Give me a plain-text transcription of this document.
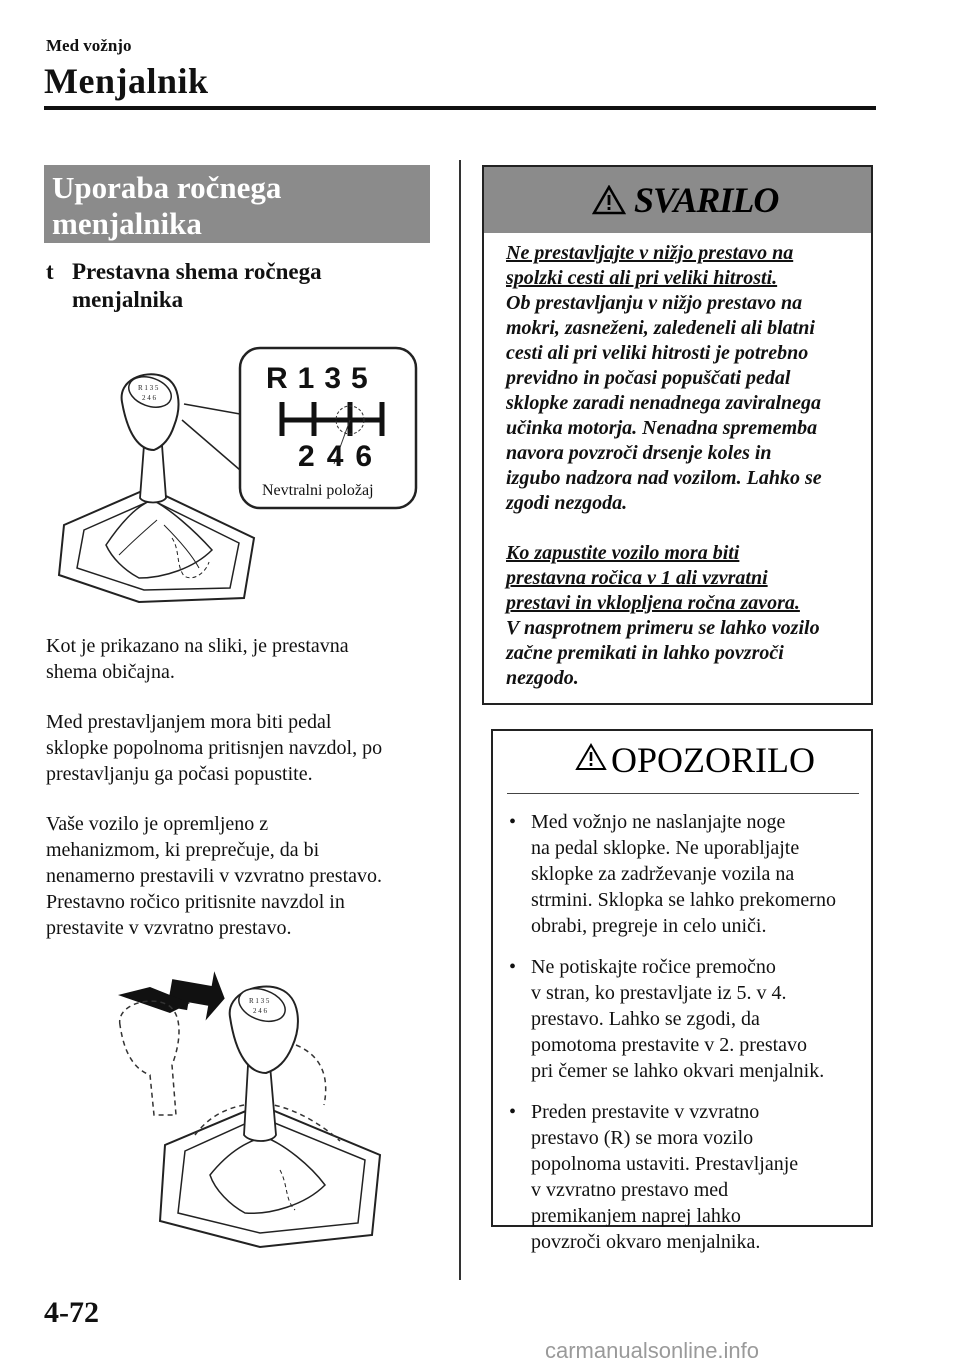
Med vožnjo
Menjalnik
Uporaba ročnega
menjalnika
t Prestavna shema ročnega
menjalnika
R 1 3 5
2 4 6
R135
246
Nevtralni položaj

Kot je prikazano na sliki, je prestavna

shema običajna.

Med prestavljanjem mora biti pedal

sklopke popolnoma pritisnjen navzdol, po

prestavljanju ga počasi popustite.

Vaše vozilo je opremljeno z

mehanizmom, ki preprečuje, da bi

nenamerno prestavili v vzvratno prestavo.

Prestavno ročico pritisnite navzdol in

prestavite v vzvratno prestavo.

R 1 3 5
2 4 6
SVARILO

Ne prestavljajte v nižjo prestavo na

spolzki cesti ali pri veliki hitrosti.

Ob prestavljanju v nižjo prestavo na

mokri, zasneženi, zaledeneli ali blatni

cesti ali pri veliki hitrosti je potrebno

previdno in počasi popuščati pedal

sklopke zaradi nenadnega zaviralnega

učinka motorja. Nenadna sprememba

navora povzroči drsenje koles in

izgubo nadzora nad vozilom. Lahko se

zgodi nezgoda.

Ko zapustite vozilo mora biti

prestavna ročica v 1 ali vzvratni

prestavi in vklopljena ročna zavora.

V nasprotnem primeru se lahko vozilo

začne premikati in lahko povzroči

nezgodo.

OPOZORILO
• Med vožnjo ne naslanjajte noge
na pedal sklopke. Ne uporabljajte
sklopke za zadrževanje vozila na
strmini. Sklopka se lahko prekomerno
obrabi, pregreje in celo uniči.
• Ne potiskajte ročice premočno
v stran, ko prestavljate iz 5. v 4.
prestavo. Lahko se zgodi, da
pomotoma prestavite v 2. prestavo
pri čemer se lahko okvari menjalnik.
• Preden prestavite v vzvratno
prestavo (R) se mora vozilo
popolnoma ustaviti. Prestavljanje
v vzvratno prestavo med
premikanjem naprej lahko
povzroči okvaro menjalnika.
4-72
carmanualsonline.info
